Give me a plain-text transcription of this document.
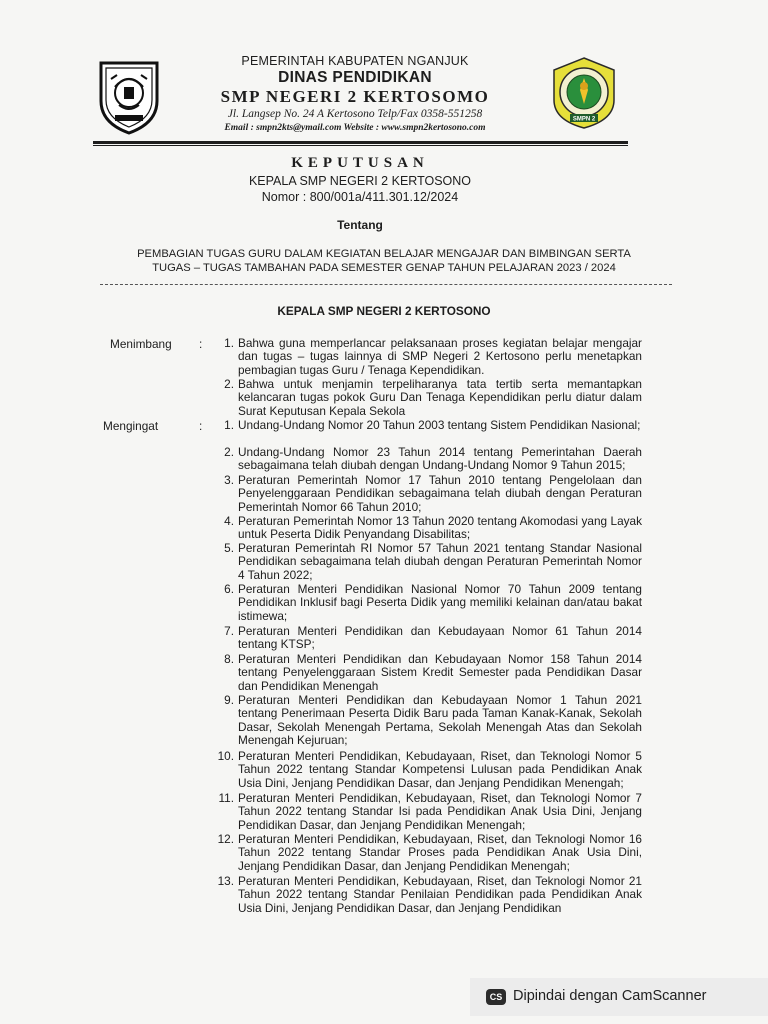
PEMERINTAH KABUPATEN NGANJUK
DINAS PENDIDIKAN
SMP NEGERI 2 KERTOSOMO
Jl. Langsep No. 24 A Kertosono Telp/Fax 0358-551258
Email : smpn2kts@ymail.com Website : www.smpn2kertosono.com
SMPN 2
KEPUTUSAN
KEPALA SMP NEGERI 2 KERTOSONO
Nomor : 800/001a/411.301.12/2024
Tentang
PEMBAGIAN TUGAS GURU DALAM KEGIATAN BELAJAR MENGAJAR DAN BIMBINGAN SERTA
TUGAS – TUGAS TAMBAHAN PADA SEMESTER GENAP TAHUN PELAJARAN 2023 / 2024
KEPALA SMP NEGERI 2 KERTOSONO
Menimbang :	1. Bahwa guna memperlancar pelaksanaan proses kegiatan belajar mengajar dan tugas – tugas lainnya di SMP Negeri 2 Kertosono perlu menetapkan pembagian tugas Guru / Tenaga Kependidikan.
2. Bahwa untuk menjamin terpeliharanya tata tertib serta memantapkan kelancaran tugas pokok Guru Dan Tenaga Kependidikan perlu diatur dalam Surat Keputusan Kepala Sekola
Mengingat	:	1. Undang-Undang Nomor 20 Tahun 2003 tentang Sistem Pendidikan Nasional;
2. Undang-Undang Nomor 23 Tahun 2014 tentang Pemerintahan Daerah sebagaimana telah diubah dengan Undang-Undang Nomor 9 Tahun 2015;
3. Peraturan Pemerintah Nomor 17 Tahun 2010 tentang Pengelolaan dan Penyelenggaraan Pendidikan sebagaimana telah diubah dengan Peraturan Pemerintah Nomor 66 Tahun 2010;
4. Peraturan Pemerintah Nomor 13 Tahun 2020 tentang Akomodasi yang Layak untuk Peserta Didik Penyandang Disabilitas;
5. Peraturan Pemerintah RI Nomor 57 Tahun 2021 tentang Standar Nasional Pendidikan sebagaimana telah diubah dengan Peraturan Pemerintah Nomor 4 Tahun 2022;
6. Peraturan Menteri Pendidikan Nasional Nomor 70 Tahun 2009 tentang Pendidikan Inklusif bagi Peserta Didik yang memiliki kelainan dan/atau bakat istimewa;
7. Peraturan Menteri Pendidikan dan Kebudayaan Nomor 61 Tahun 2014 tentang KTSP;
8. Peraturan Menteri Pendidikan dan Kebudayaan Nomor 158 Tahun 2014 tentang Penyelenggaraan Sistem Kredit Semester pada Pendidikan Dasar dan Pendidikan Menengah
9. Peraturan Menteri Pendidikan dan Kebudayaan Nomor 1 Tahun 2021 tentang Penerimaan Peserta Didik Baru pada Taman Kanak-Kanak, Sekolah Dasar, Sekolah Menengah Pertama, Sekolah Menengah Atas dan Sekolah Menengah Kejuruan;
10. Peraturan Menteri Pendidikan, Kebudayaan, Riset, dan Teknologi Nomor 5 Tahun 2022 tentang Standar Kompetensi Lulusan pada Pendidikan Anak Usia Dini, Jenjang Pendidikan Dasar, dan Jenjang Pendidikan Menengah;
11. Peraturan Menteri Pendidikan, Kebudayaan, Riset, dan Teknologi Nomor 7 Tahun 2022 tentang Standar Isi pada Pendidikan Anak Usia Dini, Jenjang Pendidikan Dasar, dan Jenjang Pendidikan Menengah;
12. Peraturan Menteri Pendidikan, Kebudayaan, Riset, dan Teknologi Nomor 16 Tahun 2022 tentang Standar Proses pada Pendidikan Anak Usia Dini, Jenjang Pendidikan Dasar, dan Jenjang Pendidikan Menengah;
13. Peraturan Menteri Pendidikan, Kebudayaan, Riset, dan Teknologi Nomor 21 Tahun 2022 tentang Standar Penilaian Pendidikan pada Pendidikan Anak Usia Dini, Jenjang Pendidikan Dasar, dan Jenjang Pendidikan
CS Dipindai dengan CamScanner
